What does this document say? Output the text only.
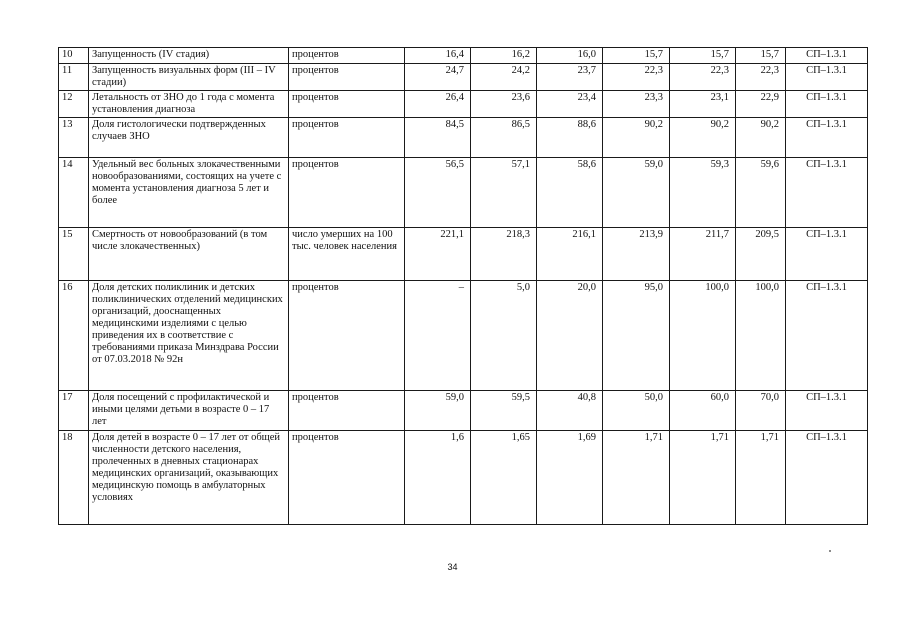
10	Запущенность (IV стадия)	процентов	16,4	16,2	16,0	15,7	15,7	15,7	СП–1.3.1
11	Запущенность визуальных форм (III – IV стадии)	процентов	24,7	24,2	23,7	22,3	22,3	22,3	СП–1.3.1
12	Летальность от ЗНО до 1 года с момента установления диагноза	процентов	26,4	23,6	23,4	23,3	23,1	22,9	СП–1.3.1
13	Доля гистологически подтвержденных случаев ЗНО	процентов	84,5	86,5	88,6	90,2	90,2	90,2	СП–1.3.1
14	Удельный вес больных злокачественными новообразованиями, состоящих на учете с момента установления диагноза 5 лет и более	процентов	56,5	57,1	58,6	59,0	59,3	59,6	СП–1.3.1
15	Смертность от новообразований (в том числе злокачественных)	число умерших на 100 тыс. человек населения	221,1	218,3	216,1	213,9	211,7	209,5	СП–1.3.1
16	Доля детских поликлиник и детских поликлинических отделений медицинских организаций, дооснащенных медицинскими изделиями с целью приведения их в соответствие с требованиями приказа Минздрава России от 07.03.2018 № 92н	процентов	–	5,0	20,0	95,0	100,0	100,0	СП–1.3.1
17	Доля посещений с профилактической и иными целями детьми в возрасте 0 – 17 лет	процентов	59,0	59,5	40,8	50,0	60,0	70,0	СП–1.3.1
18	Доля детей в возрасте 0 – 17 лет от общей численности детского населения, пролеченных в дневных стационарах медицинских организаций, оказывающих медицинскую помощь в амбулаторных условиях	процентов	1,6	1,65	1,69	1,71	1,71	1,71	СП–1.3.1
34
